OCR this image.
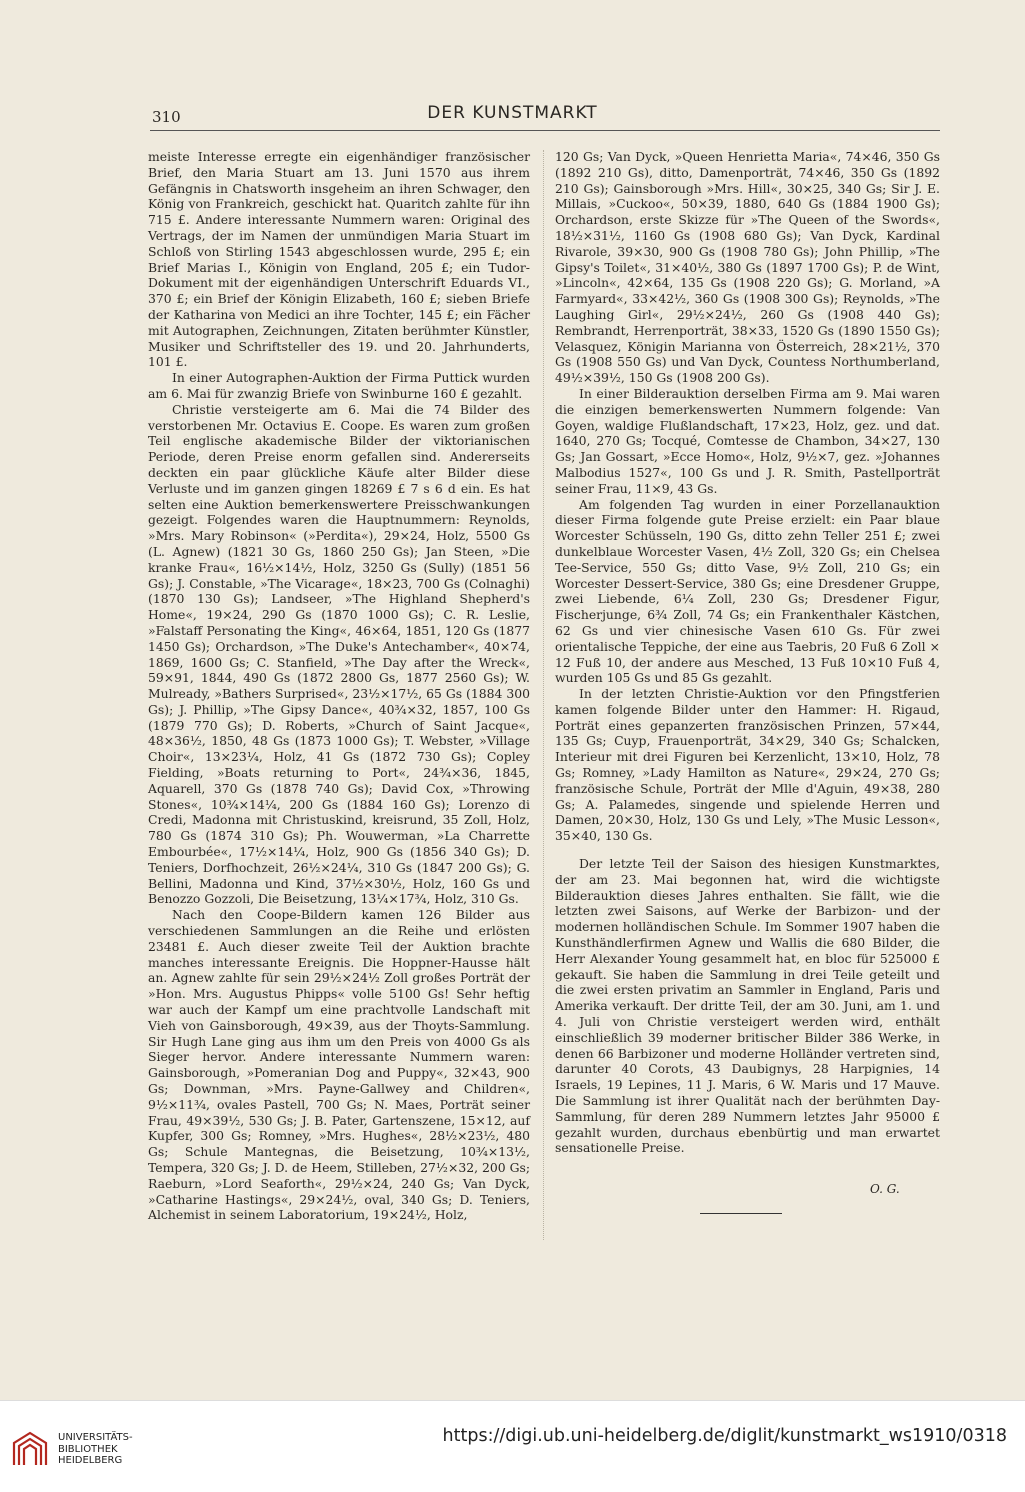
310	DER KUNSTMARKT

meiste Interesse erregte ein eigenhändiger französischer Brief, den Maria Stuart am 13. Juni 1570 aus ihrem Gefängnis in Chatsworth insgeheim an ihren Schwager, den König von Frankreich, geschickt hat. Quaritch zahlte für ihn 715 £. Andere interessante Nummern waren: Original des Vertrags, der im Namen der unmündigen Maria Stuart im Schloß von Stirling 1543 abgeschlossen wurde, 295 £; ein Brief Marias I., Königin von England, 205 £; ein Tudor-Dokument mit der eigenhändigen Unterschrift Eduards VI., 370 £; ein Brief der Königin Elizabeth, 160 £; sieben Briefe der Katharina von Medici an ihre Tochter, 145 £; ein Fächer mit Autographen, Zeichnungen, Zitaten berühmter Künstler, Musiker und Schriftsteller des 19. und 20. Jahrhunderts, 101 £.

In einer Autographen-Auktion der Firma Puttick wurden am 6. Mai für zwanzig Briefe von Swinburne 160 £ gezahlt.

Christie versteigerte am 6. Mai die 74 Bilder des verstorbenen Mr. Octavius E. Coope. Es waren zum großen Teil englische akademische Bilder der viktorianischen Periode, deren Preise enorm gefallen sind. Andererseits deckten ein paar glückliche Käufe alter Bilder diese Verluste und im ganzen gingen 18269 £ 7 s 6 d ein. Es hat selten eine Auktion bemerkenswertere Preisschwankungen gezeigt. Folgendes waren die Hauptnummern: Reynolds, »Mrs. Mary Robinson« (»Perdita«), 29×24, Holz, 5500 Gs (L. Agnew) (1821 30 Gs, 1860 250 Gs); Jan Steen, »Die kranke Frau«, 16½×14½, Holz, 3250 Gs (Sully) (1851 56 Gs); J. Constable, »The Vicarage«, 18×23, 700 Gs (Colnaghi) (1870 130 Gs); Landseer, »The Highland Shepherd's Home«, 19×24, 290 Gs (1870 1000 Gs); C. R. Leslie, »Falstaff Personating the King«, 46×64, 1851, 120 Gs (1877 1450 Gs); Orchardson, »The Duke's Antechamber«, 40×74, 1869, 1600 Gs; C. Stanfield, »The Day after the Wreck«, 59×91, 1844, 490 Gs (1872 2800 Gs, 1877 2560 Gs); W. Mulready, »Bathers Surprised«, 23½×17½, 65 Gs (1884 300 Gs); J. Phillip, »The Gipsy Dance«, 40¾×32, 1857, 100 Gs (1879 770 Gs); D. Roberts, »Church of Saint Jacque«, 48×36½, 1850, 48 Gs (1873 1000 Gs); T. Webster, »Village Choir«, 13×23¼, Holz, 41 Gs (1872 730 Gs); Copley Fielding, »Boats returning to Port«, 24¾×36, 1845, Aquarell, 370 Gs (1878 740 Gs); David Cox, »Throwing Stones«, 10¾×14¼, 200 Gs (1884 160 Gs); Lorenzo di Credi, Madonna mit Christuskind, kreisrund, 35 Zoll, Holz, 780 Gs (1874 310 Gs); Ph. Wouwerman, »La Charrette Embourbée«, 17½×14¼, Holz, 900 Gs (1856 340 Gs); D. Teniers, Dorfhochzeit, 26½×24¼, 310 Gs (1847 200 Gs); G. Bellini, Madonna und Kind, 37½×30½, Holz, 160 Gs und Benozzo Gozzoli, Die Beisetzung, 13¼×17¾, Holz, 310 Gs.

Nach den Coope-Bildern kamen 126 Bilder aus verschiedenen Sammlungen an die Reihe und erlösten 23481 £. Auch dieser zweite Teil der Auktion brachte manches interessante Ereignis. Die Hoppner-Hausse hält an. Agnew zahlte für sein 29½×24½ Zoll großes Porträt der »Hon. Mrs. Augustus Phipps« volle 5100 Gs! Sehr heftig war auch der Kampf um eine prachtvolle Landschaft mit Vieh von Gainsborough, 49×39, aus der Thoyts-Sammlung. Sir Hugh Lane ging aus ihm um den Preis von 4000 Gs als Sieger hervor. Andere interessante Nummern waren: Gainsborough, »Pomeranian Dog and Puppy«, 32×43, 900 Gs; Downman, »Mrs. Payne-Gallwey and Children«, 9½×11¾, ovales Pastell, 700 Gs; N. Maes, Porträt seiner Frau, 49×39½, 530 Gs; J. B. Pater, Gartenszene, 15×12, auf Kupfer, 300 Gs; Romney, »Mrs. Hughes«, 28½×23½, 480 Gs; Schule Mantegnas, die Beisetzung, 10¾×13½, Tempera, 320 Gs; J. D. de Heem, Stilleben, 27½×32, 200 Gs; Raeburn, »Lord Seaforth«, 29½×24, 240 Gs; Van Dyck, »Catharine Hastings«, 29×24½, oval, 340 Gs; D. Teniers, Alchemist in seinem Laboratorium, 19×24½, Holz,

120 Gs; Van Dyck, »Queen Henrietta Maria«, 74×46, 350 Gs (1892 210 Gs), ditto, Damenporträt, 74×46, 350 Gs (1892 210 Gs); Gainsborough »Mrs. Hill«, 30×25, 340 Gs; Sir J. E. Millais, »Cuckoo«, 50×39, 1880, 640 Gs (1884 1900 Gs); Orchardson, erste Skizze für »The Queen of the Swords«, 18½×31½, 1160 Gs (1908 680 Gs); Van Dyck, Kardinal Rivarole, 39×30, 900 Gs (1908 780 Gs); John Phillip, »The Gipsy's Toilet«, 31×40½, 380 Gs (1897 1700 Gs); P. de Wint, »Lincoln«, 42×64, 135 Gs (1908 220 Gs); G. Morland, »A Farmyard«, 33×42½, 360 Gs (1908 300 Gs); Reynolds, »The Laughing Girl«, 29½×24½, 260 Gs (1908 440 Gs); Rembrandt, Herrenporträt, 38×33, 1520 Gs (1890 1550 Gs); Velasquez, Königin Marianna von Österreich, 28×21½, 370 Gs (1908 550 Gs) und Van Dyck, Countess Northumberland, 49½×39½, 150 Gs (1908 200 Gs).

In einer Bilderauktion derselben Firma am 9. Mai waren die einzigen bemerkenswerten Nummern folgende: Van Goyen, waldige Flußlandschaft, 17×23, Holz, gez. und dat. 1640, 270 Gs; Tocqué, Comtesse de Chambon, 34×27, 130 Gs; Jan Gossart, »Ecce Homo«, Holz, 9½×7, gez. »Johannes Malbodius 1527«, 100 Gs und J. R. Smith, Pastellporträt seiner Frau, 11×9, 43 Gs.

Am folgenden Tag wurden in einer Porzellanauktion dieser Firma folgende gute Preise erzielt: ein Paar blaue Worcester Schüsseln, 190 Gs, ditto zehn Teller 251 £; zwei dunkelblaue Worcester Vasen, 4½ Zoll, 320 Gs; ein Chelsea Tee-Service, 550 Gs; ditto Vase, 9½ Zoll, 210 Gs; ein Worcester Dessert-Service, 380 Gs; eine Dresdener Gruppe, zwei Liebende, 6¼ Zoll, 230 Gs; Dresdener Figur, Fischerjunge, 6¾ Zoll, 74 Gs; ein Frankenthaler Kästchen, 62 Gs und vier chinesische Vasen 610 Gs. Für zwei orientalische Teppiche, der eine aus Taebris, 20 Fuß 6 Zoll × 12 Fuß 10, der andere aus Mesched, 13 Fuß 10×10 Fuß 4, wurden 105 Gs und 85 Gs gezahlt.

In der letzten Christie-Auktion vor den Pfingstferien kamen folgende Bilder unter den Hammer: H. Rigaud, Porträt eines gepanzerten französischen Prinzen, 57×44, 135 Gs; Cuyp, Frauenporträt, 34×29, 340 Gs; Schalcken, Interieur mit drei Figuren bei Kerzenlicht, 13×10, Holz, 78 Gs; Romney, »Lady Hamilton as Nature«, 29×24, 270 Gs; französische Schule, Porträt der Mlle d'Aguin, 49×38, 280 Gs; A. Palamedes, singende und spielende Herren und Damen, 20×30, Holz, 130 Gs und Lely, »The Music Lesson«, 35×40, 130 Gs.

Der letzte Teil der Saison des hiesigen Kunstmarktes, der am 23. Mai begonnen hat, wird die wichtigste Bilderauktion dieses Jahres enthalten. Sie fällt, wie die letzten zwei Saisons, auf Werke der Barbizon- und der modernen holländischen Schule. Im Sommer 1907 haben die Kunsthändlerfirmen Agnew und Wallis die 680 Bilder, die Herr Alexander Young gesammelt hat, en bloc für 525000 £ gekauft. Sie haben die Sammlung in drei Teile geteilt und die zwei ersten privatim an Sammler in England, Paris und Amerika verkauft. Der dritte Teil, der am 30. Juni, am 1. und 4. Juli von Christie versteigert werden wird, enthält einschließlich 39 moderner britischer Bilder 386 Werke, in denen 66 Barbizoner und moderne Holländer vertreten sind, darunter 40 Corots, 43 Daubignys, 28 Harpignies, 14 Israels, 19 Lepines, 11 J. Maris, 6 W. Maris und 17 Mauve. Die Sammlung ist ihrer Qualität nach der berühmten Day-Sammlung, für deren 289 Nummern letztes Jahr 95000 £ gezahlt wurden, durchaus ebenbürtig und man erwartet sensationelle Preise.

O. G.
UNIVERSITÄTS-
BIBLIOTHEK
HEIDELBERG
https://digi.ub.uni-heidelberg.de/diglit/kunstmarkt_ws1910/0318
